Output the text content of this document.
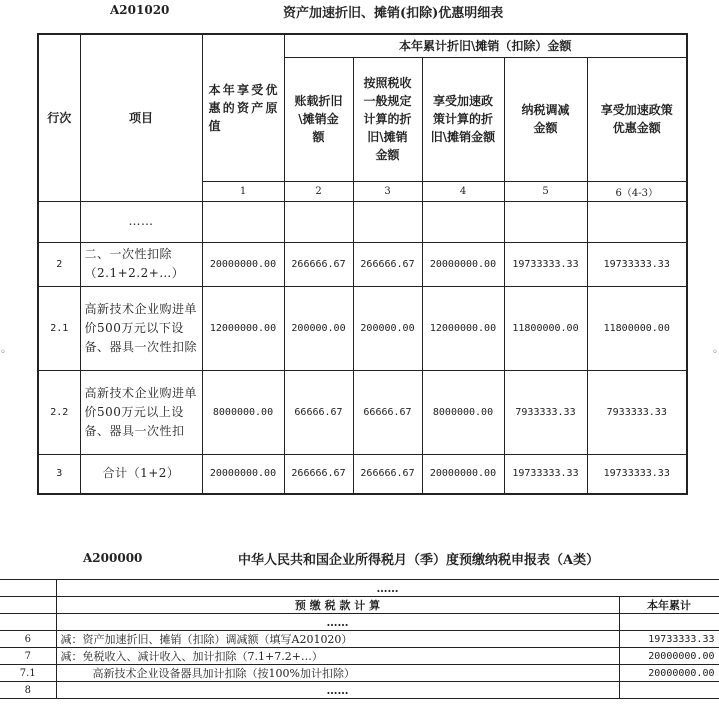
A201020	资产加速折旧、摊销(扣除)优惠明细表
行次	项目	本年享受优惠的资产原值	本年累计折旧\摊销（扣除）金额				
			账载折旧\摊销金额	按照税收一般规定计算的折旧\摊销金额	享受加速政策计算的折旧\摊销金额	纳税调减金额	享受加速政策优惠金额
		1	2	3	4	5	6（4-3）
	……						
2	二、一次性扣除（2.1+2.2+…）	20000000.00	266666.67	266666.67	20000000.00	19733333.33	19733333.33
2.1	高新技术企业购进单价500万元以下设备、器具一次性扣除	12000000.00	200000.00	200000.00	12000000.00	11800000.00	11800000.00
2.2	高新技术企业购进单价500万元以上设备、器具一次性扣	8000000.00	66666.67	66666.67	8000000.00	7933333.33	7933333.33
3	合计（1+2）	20000000.00	266666.67	266666.67	20000000.00	19733333.33	19733333.33
◦	◦
A200000	中华人民共和国企业所得税月（季）度预缴纳税申报表（A类）
	……	
	预 缴 税 款 计 算	本年累计
	……	
6	减：资产加速折旧、摊销（扣除）调减额（填写A201020）	19733333.33
7	减：免税收入、减计收入、加计扣除（7.1+7.2+…）	20000000.00
7.1	高新技术企业设备器具加计扣除（按100%加计扣除）	20000000.00
8	……	
